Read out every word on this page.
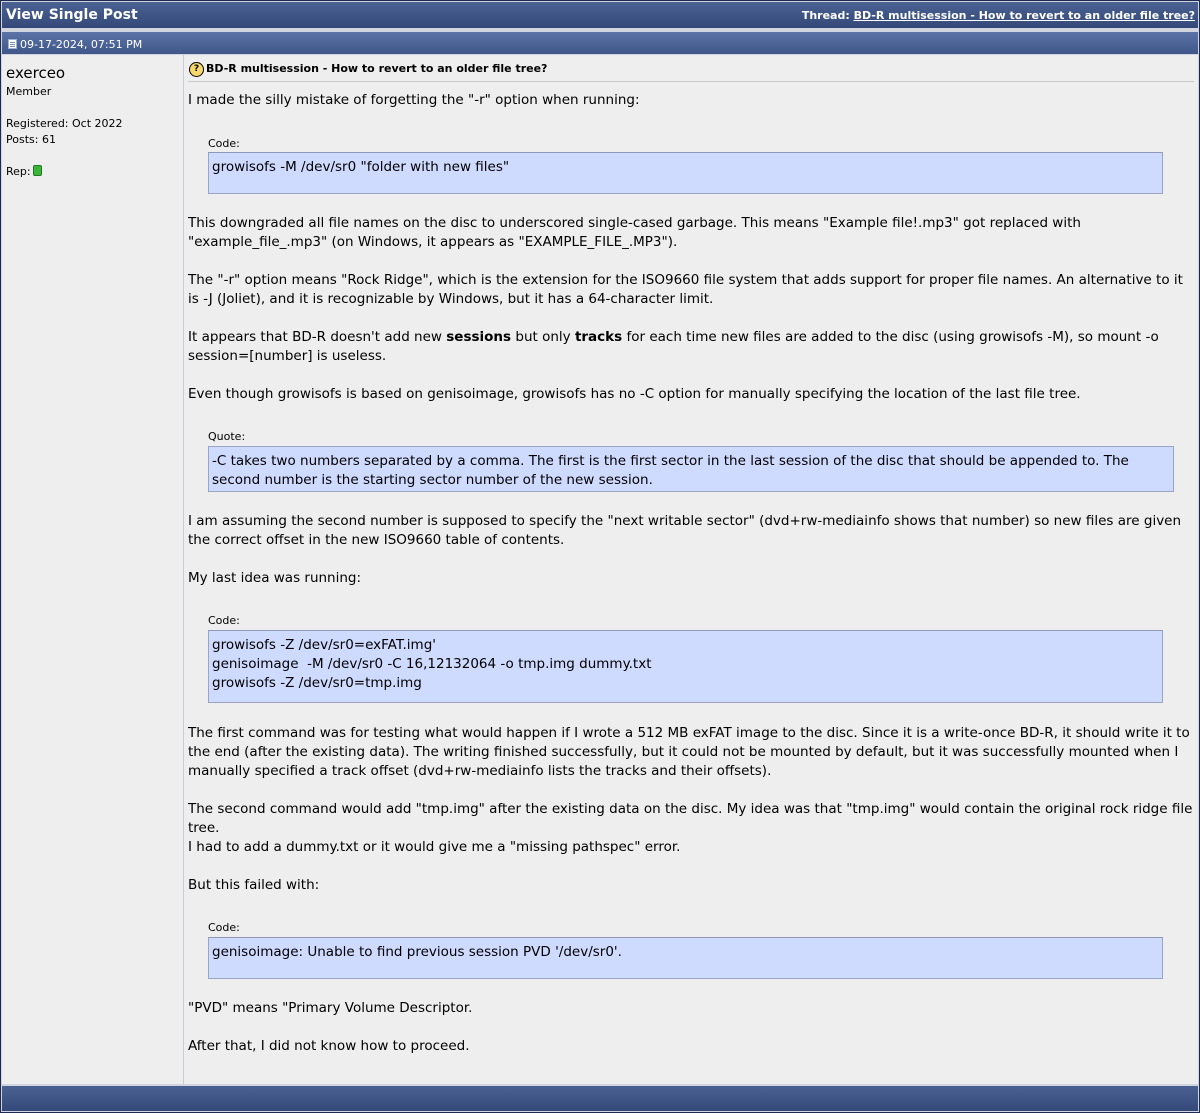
View Single Post	Thread: BD-R multisession - How to revert to an older file tree?
09-17-2024, 07:51 PM
exerceo
Member
Registered: Oct 2022
Posts: 61
Rep:
? BD-R multisession - How to revert to an older file tree?
I made the silly mistake of forgetting the "-r" option when running:
Code:
growisofs -M /dev/sr0 "folder with new files"
This downgraded all file names on the disc to underscored single-cased garbage. This means "Example file!.mp3" got replaced with "example_file_.mp3" (on Windows, it appears as "EXAMPLE_FILE_.MP3").
The "-r" option means "Rock Ridge", which is the extension for the ISO9660 file system that adds support for proper file names. An alternative to it is -J (Joliet), and it is recognizable by Windows, but it has a 64-character limit.
It appears that BD-R doesn't add new sessions but only tracks for each time new files are added to the disc (using growisofs -M), so mount -o session=[number] is useless.
Even though growisofs is based on genisoimage, growisofs has no -C option for manually specifying the location of the last file tree.
Quote:
-C takes two numbers separated by a comma. The first is the first sector in the last session of the disc that should be appended to. The second number is the starting sector number of the new session.
I am assuming the second number is supposed to specify the "next writable sector" (dvd+rw-mediainfo shows that number) so new files are given the correct offset in the new ISO9660 table of contents.
My last idea was running:
Code:
growisofs -Z /dev/sr0=exFAT.img'
genisoimage  -M /dev/sr0 -C 16,12132064 -o tmp.img dummy.txt
growisofs -Z /dev/sr0=tmp.img
The first command was for testing what would happen if I wrote a 512 MB exFAT image to the disc. Since it is a write-once BD-R, it should write it to the end (after the existing data). The writing finished successfully, but it could not be mounted by default, but it was successfully mounted when I manually specified a track offset (dvd+rw-mediainfo lists the tracks and their offsets).
The second command would add "tmp.img" after the existing data on the disc. My idea was that "tmp.img" would contain the original rock ridge file tree.
I had to add a dummy.txt or it would give me a "missing pathspec" error.
But this failed with:
Code:
genisoimage: Unable to find previous session PVD '/dev/sr0'.
"PVD" means "Primary Volume Descriptor.
After that, I did not know how to proceed.
